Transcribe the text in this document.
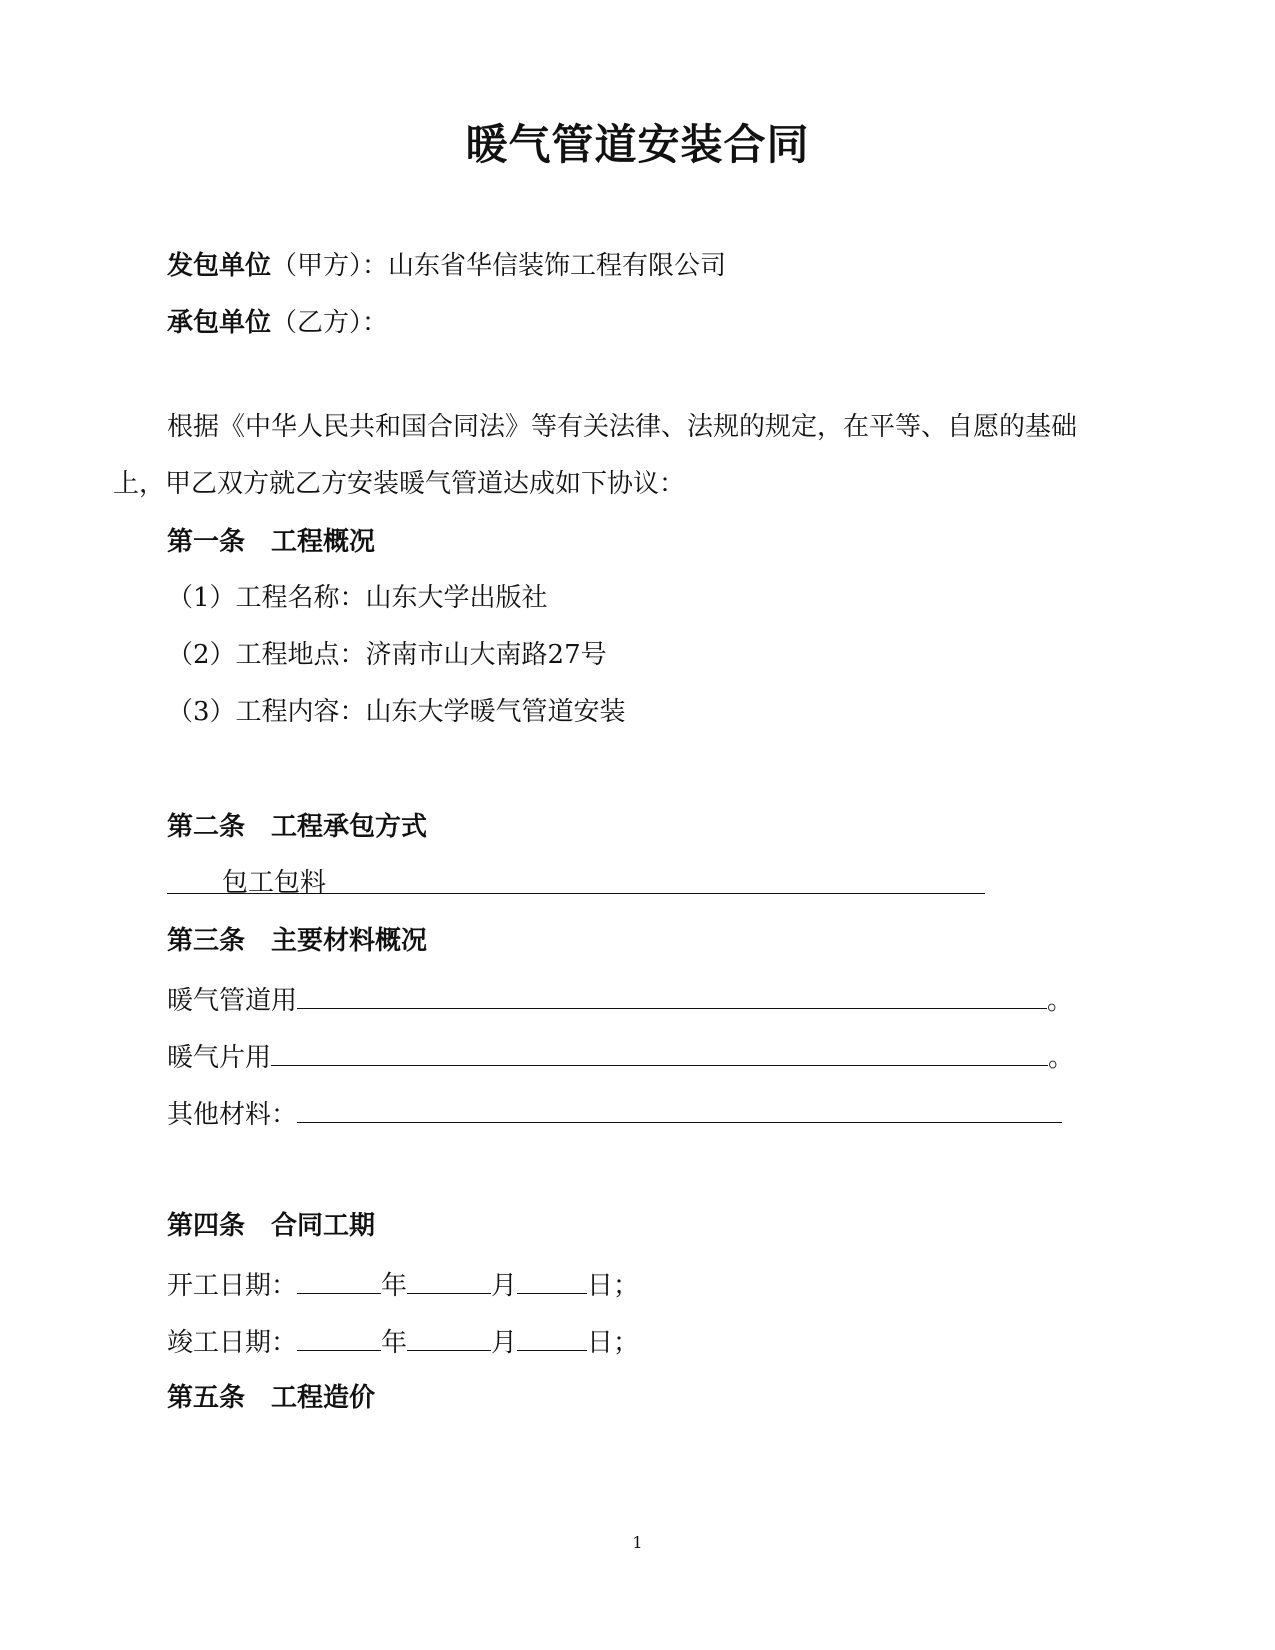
暖气管道安装合同
发包单位（甲方）：山东省华信装饰工程有限公司
承包单位（乙方）：
根据《中华人民共和国合同法》等有关法律、法规的规定，在平等、自愿的基础
上，甲乙双方就乙方安装暖气管道达成如下协议：
第一条　工程概况
（1）工程名称：山东大学出版社
（2）工程地点：济南市山大南路27号
（3）工程内容：山东大学暖气管道安装
第二条　工程承包方式
包工包料
第三条　主要材料概况
暖气管道用	。
暖气片用	。
其他材料：
第四条　合同工期
开工日期：	年	月	日；
竣工日期：	年	月	日；
第五条　工程造价
1
